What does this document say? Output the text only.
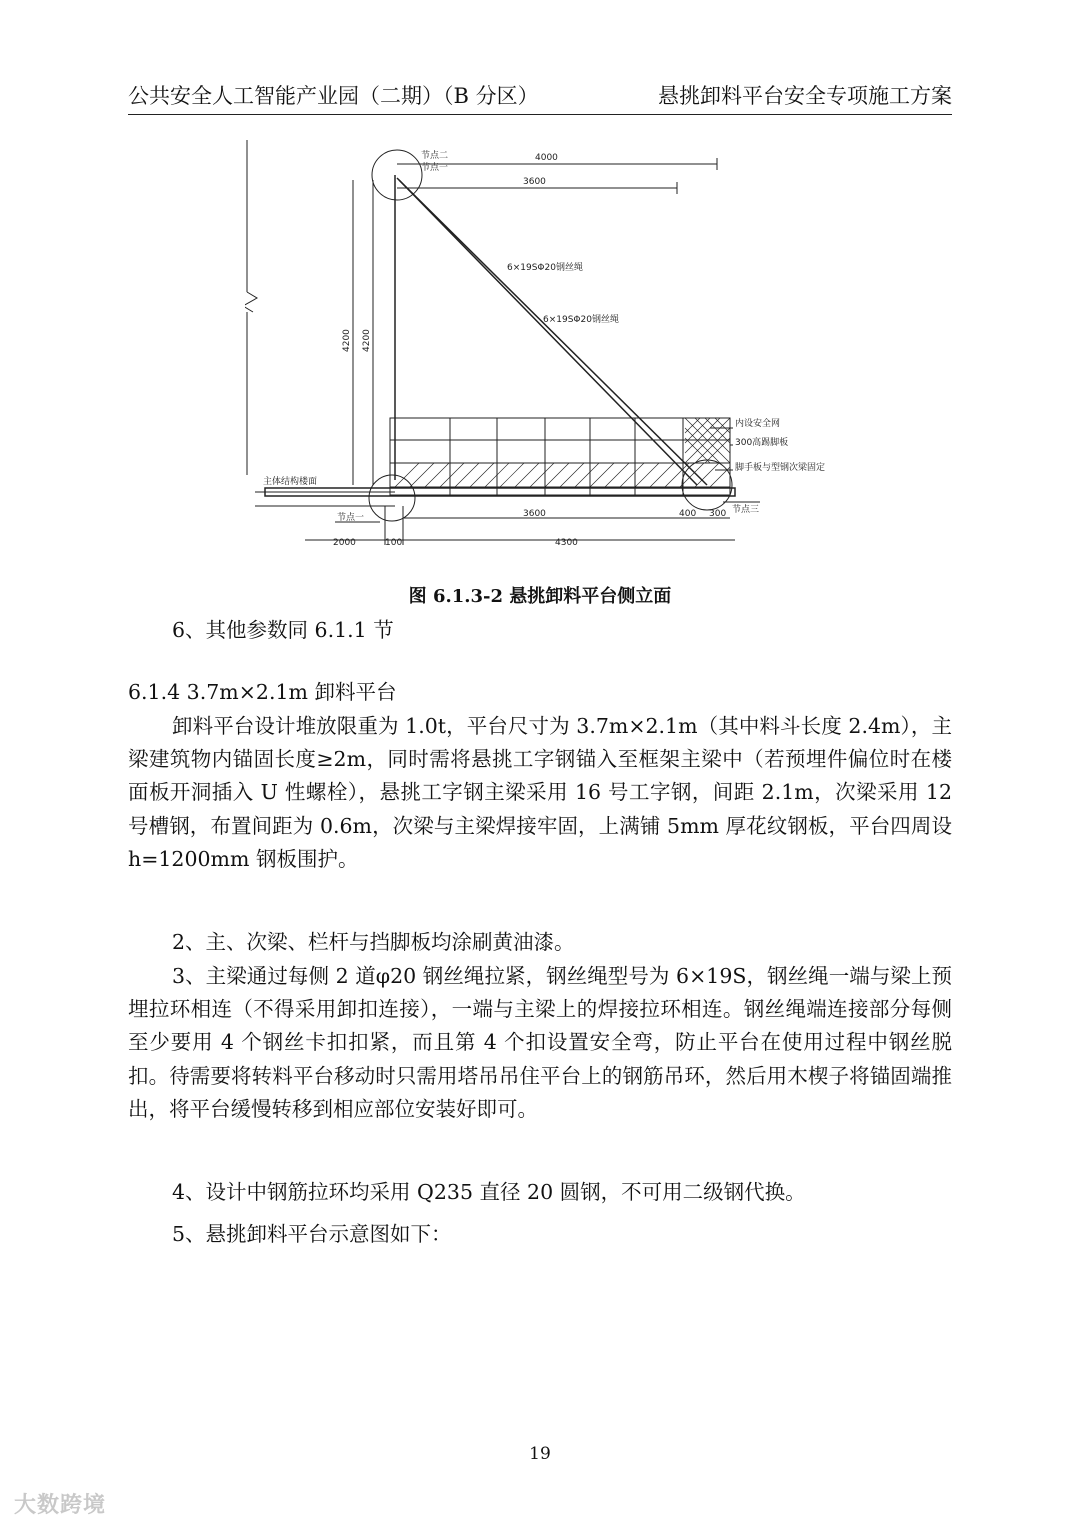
公共安全人工智能产业园（二期）（B 分区）	悬挑卸料平台安全专项施工方案
节点二
节点一
4000
3600
4200 4200
6×19SΦ20钢丝绳
6×19SΦ20钢丝绳
内设安全网
300高踢脚板
脚手板与型钢次梁固定
主体结构楼面
节点一
节点三
3600	400 300
2000	100	4300
图 6.1.3-2 悬挑卸料平台侧立面
6、其他参数同 6.1.1 节
6.1.4 3.7m×2.1m 卸料平台
卸料平台设计堆放限重为 1.0t，平台尺寸为 3.7m×2.1m（其中料斗长度 2.4m），主梁建筑物内锚固长度≥2m，同时需将悬挑工字钢锚入至框架主梁中（若预埋件偏位时在楼面板开洞插入 U 性螺栓），悬挑工字钢主梁采用 16 号工字钢，间距 2.1m，次梁采用 12 号槽钢，布置间距为 0.6m，次梁与主梁焊接牢固，上满铺 5mm 厚花纹钢板，平台四周设 h=1200mm 钢板围护。
2、主、次梁、栏杆与挡脚板均涂刷黄油漆。
3、主梁通过每侧 2 道φ20 钢丝绳拉紧，钢丝绳型号为 6×19S，钢丝绳一端与梁上预埋拉环相连（不得采用卸扣连接），一端与主梁上的焊接拉环相连。钢丝绳端连接部分每侧至少要用 4 个钢丝卡扣扣紧，而且第 4 个扣设置安全弯，防止平台在使用过程中钢丝脱扣。待需要将转料平台移动时只需用塔吊吊住平台上的钢筋吊环，然后用木楔子将锚固端推出，将平台缓慢转移到相应部位安装好即可。
4、设计中钢筋拉环均采用 Q235 直径 20 圆钢，不可用二级钢代换。
5、悬挑卸料平台示意图如下：
19
大数跨境
